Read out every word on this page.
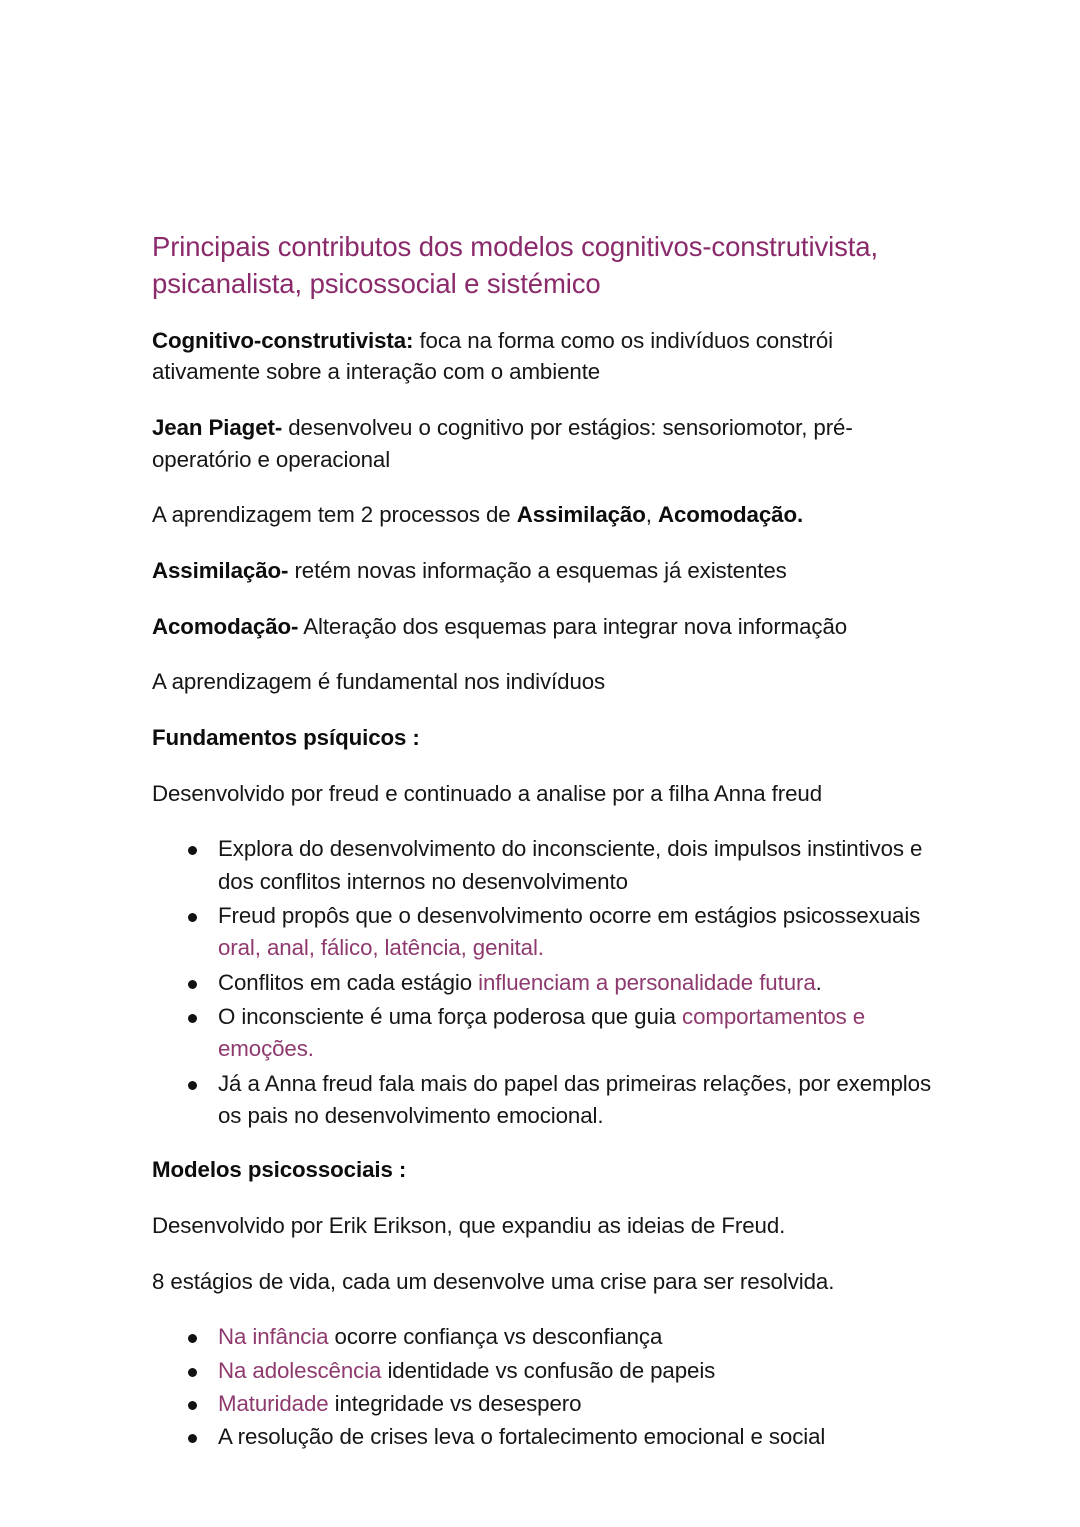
Principais contributos dos modelos cognitivos-construtivista, psicanalista, psicossocial e sistémico

Cognitivo-construtivista: foca na forma como os indivíduos constrói ativamente sobre a interação com o ambiente

Jean Piaget- desenvolveu o cognitivo por estágios: sensoriomotor, pré-operatório e operacional

A aprendizagem tem 2 processos de Assimilação, Acomodação.

Assimilação- retém novas informação a esquemas já existentes

Acomodação- Alteração dos esquemas para integrar nova informação

A aprendizagem é fundamental nos indivíduos

Fundamentos psíquicos :

Desenvolvido por freud e continuado a analise por a filha Anna freud

Explora do desenvolvimento do inconsciente, dois impulsos instintivos e dos conflitos internos no desenvolvimento
Freud propôs que o desenvolvimento ocorre em estágios psicossexuais oral, anal, fálico, latência, genital.
Conflitos em cada estágio influenciam a personalidade futura.
O inconsciente é uma força poderosa que guia comportamentos e emoções.
Já a Anna freud fala mais do papel das primeiras relações, por exemplos os pais no desenvolvimento emocional.

Modelos psicossociais :

Desenvolvido por Erik Erikson, que expandiu as ideias de Freud.

8 estágios de vida, cada um desenvolve uma crise para ser resolvida.

Na infância ocorre confiança vs desconfiança
Na adolescência identidade vs confusão de papeis
Maturidade integridade vs desespero
A resolução de crises leva o fortalecimento emocional e social
